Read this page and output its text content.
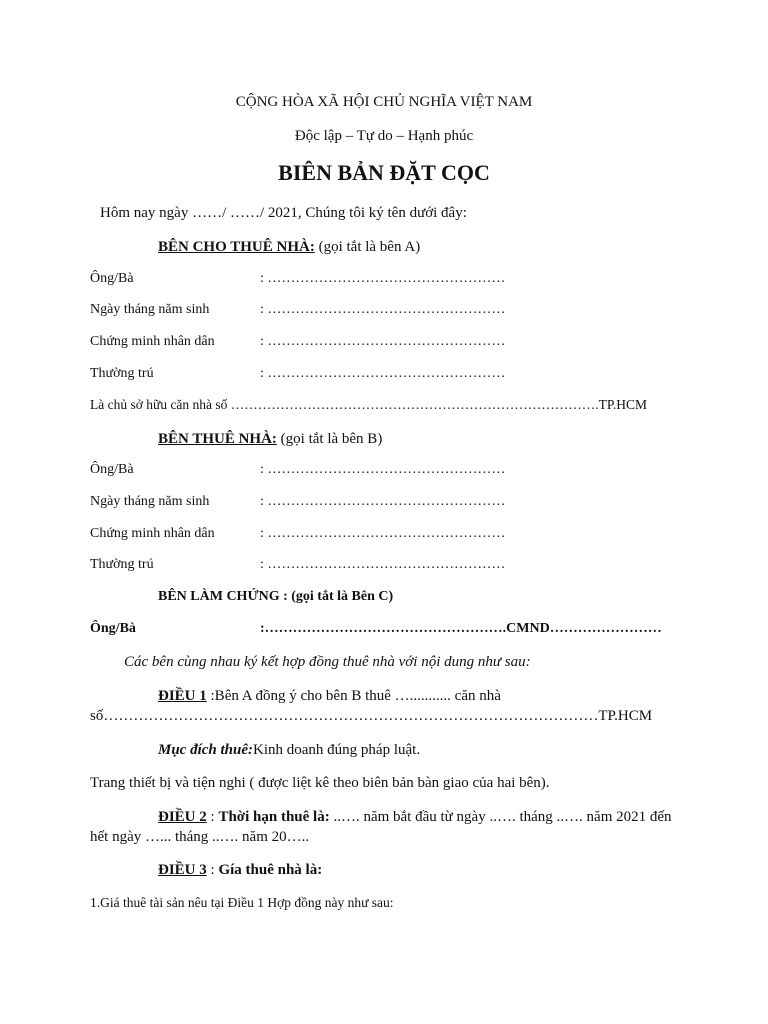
CỘNG HÒA XÃ HỘI CHỦ NGHĨA VIỆT NAM
Độc lập – Tự do – Hạnh phúc
BIÊN BẢN ĐẶT CỌC
Hôm nay ngày ……/ ……/ 2021, Chúng tôi ký tên dưới đây:
BÊN CHO THUÊ NHÀ: (gọi tắt là bên A)
Ông/Bà	: ……………………………………………
Ngày tháng năm sinh	: ……………………………………………
Chứng minh nhân dân	: ……………………………………………
Thường trú	: ……………………………………………
Là chủ sở hữu căn nhà số ……………………………………………………………………….TP.HCM
BÊN THUÊ NHÀ: (gọi tắt là bên B)
Ông/Bà	: ……………………………………………
Ngày tháng năm sinh	: ……………………………………………
Chứng minh nhân dân	: ……………………………………………
Thường trú	: ……………………………………………
BÊN LÀM CHỨNG : (gọi tắt là Bên C)
Ông/Bà	:…………………………………………….CMND……………………
Các bên cùng nhau ký kết hợp đồng thuê nhà với nội dung như sau:
ĐIỀU 1 :Bên A đồng ý cho bên B thuê …........... căn nhà
số………………………………………………………………………………………TP.HCM
Mục đích thuê:Kinh doanh đúng pháp luật.
Trang thiết bị và tiện nghi ( được liệt kê theo biên bản bàn giao của hai bên).
ĐIỀU 2 : Thời hạn thuê là: ..…. năm bắt đầu từ ngày ..…. tháng ..…. năm 2021 đến
hết ngày …... tháng ..…. năm 20…..
ĐIỀU 3 : Gía thuê nhà là:
1.Giá thuê tài sản nêu tại Điều 1 Hợp đồng này như sau:
